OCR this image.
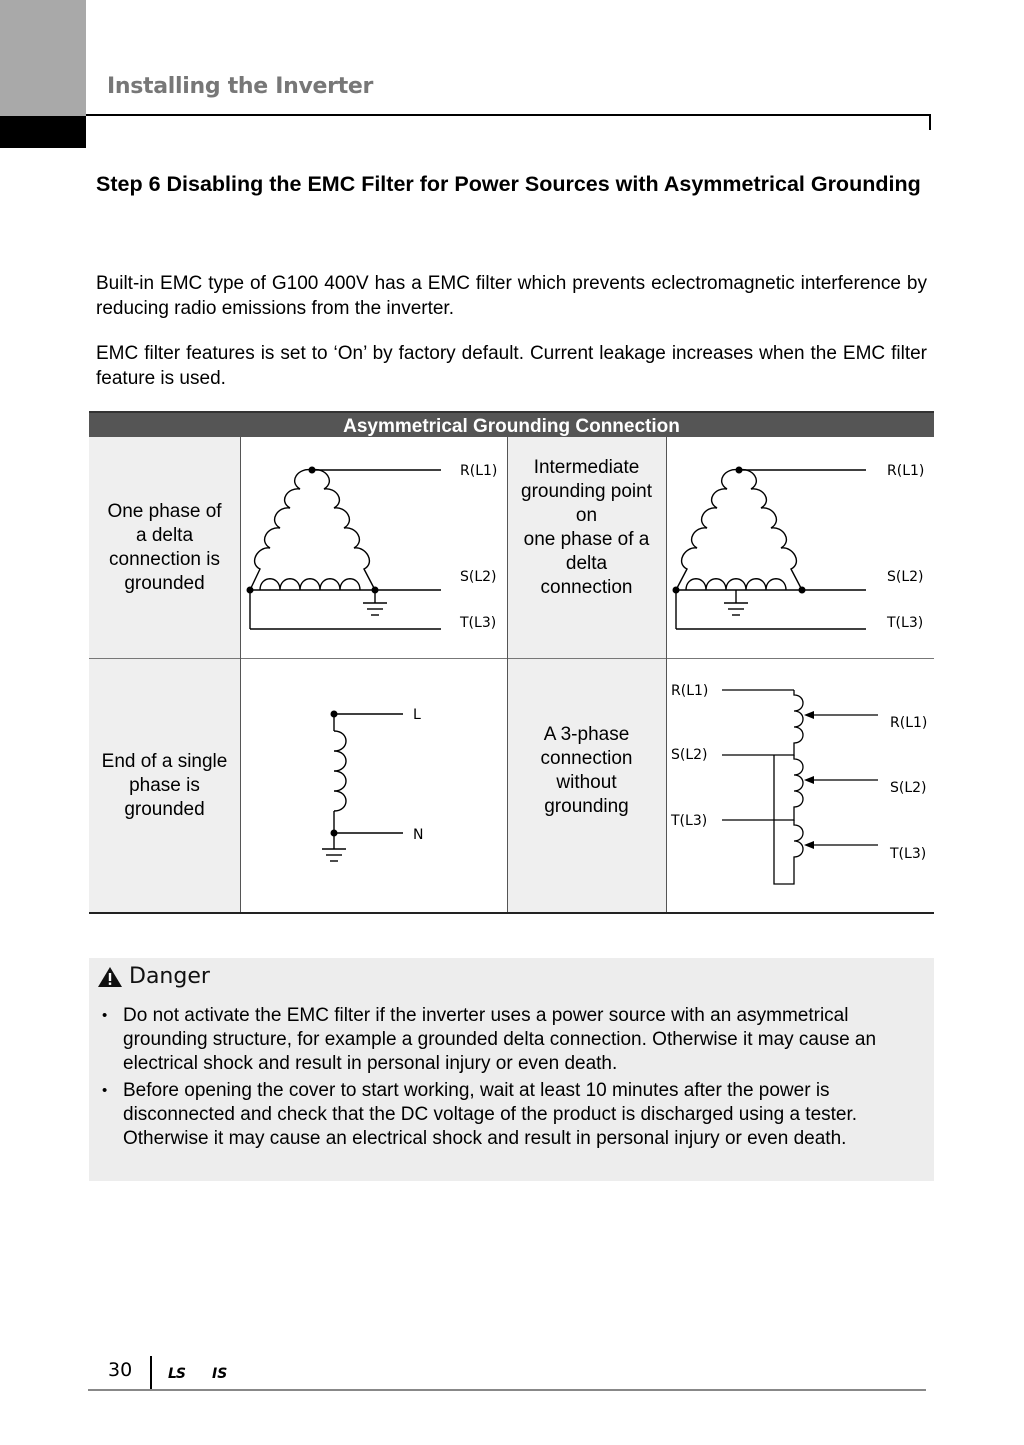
Installing the Inverter
Step 6 Disabling the EMC Filter for Power Sources with Asymmetrical Grounding

Built-in EMC type of G100 400V has a EMC filter which prevents eclectromagnetic interference by reducing radio emissions from the inverter.

EMC filter features is set to ‘On’ by factory default. Current leakage increases when the EMC filter feature is used.

Asymmetrical Grounding Connection
One phase of
a delta
connection is
grounded
R(L1)
S(L2)
T(L3)
Intermediate
grounding point
on
one phase of a
delta
connection
R(L1)
S(L2)
T(L3)
End of a single
phase is
grounded
L
N
A 3-phase
connection
without
grounding
R(L1)
S(L2)
T(L3)
R(L1)
S(L2)
T(L3)
Danger
• Do not activate the EMC filter if the inverter uses a power source with an asymmetrical grounding structure, for example a grounded delta connection. Otherwise it may cause an electrical shock and result in personal injury or even death.
• Before opening the cover to start working, wait at least 10 minutes after the power is disconnected and check that the DC voltage of the product is discharged using a tester. Otherwise it may cause an electrical shock and result in personal injury or even death.
30	LS IS
